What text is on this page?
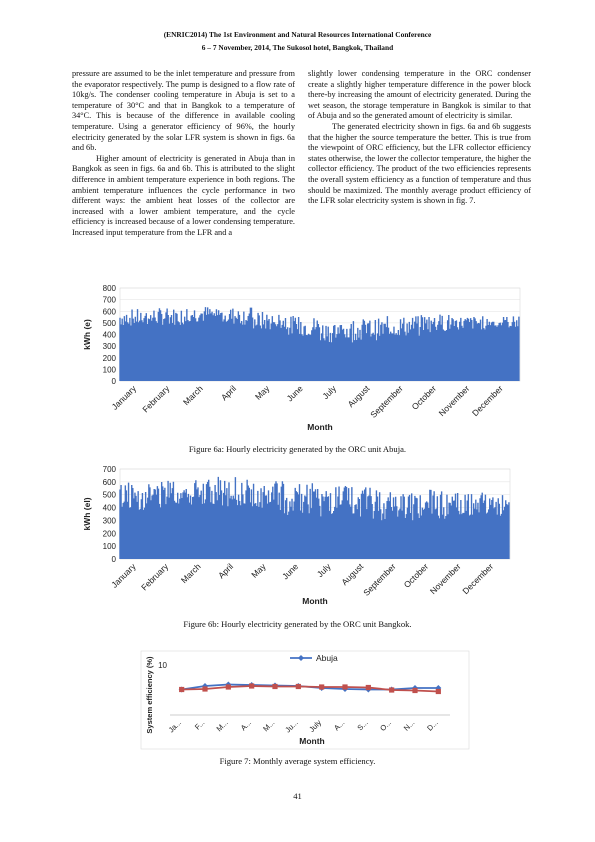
(ENRIC2014) The 1st Environment and Natural Resources International Conference
6 – 7 November, 2014, The Sukosol hotel, Bangkok, Thailand

pressure are assumed to be the inlet temperature and pressure from the evaporator respectively. The pump is designed to a flow rate of 10kg/s. The condenser cooling temperature in Abuja is set to a temperature of 30°C and that in Bangkok to a temperature of 34°C. This is because of the difference in available cooling temperature. Using a generator efficiency of 96%, the hourly electricity generated by the solar LFR system is shown in figs. 6a and 6b.

Higher amount of electricity is generated in Abuja than in Bangkok as seen in figs. 6a and 6b. This is attributed to the slight difference in ambient temperature experience in both regions. The ambient temperature influences the cycle performance in two different ways: the ambient heat losses of the collector are increased with a lower ambient temperature, and the cycle efficiency is increased because of a lower condensing temperature. Increased input temperature from the LFR and a

slightly lower condensing temperature in the ORC condenser create a slightly higher temperature difference in the power block there-by increasing the amount of electricity generated. During the wet season, the storage temperature in Bangkok is similar to that of Abuja and so the generated amount of electricity is similar.

The generated electricity shown in figs. 6a and 6b suggests that the higher the source temperature the better. This is true from the viewpoint of ORC efficiency, but the LFR collector efficiency states otherwise, the lower the collector temperature, the higher the collector efficiency. The product of the two efficiencies represents the overall system efficiency as a function of temperature and thus should be maximized. The monthly average product efficiency of the LFR solar electricity system is shown in fig. 7.

0
100
200
300
400
500
600
700
800
January February March April May June July August
September October
November
December
Month
kWh (e)
Figure 6a: Hourly electricity generated by the ORC unit Abuja.
0
100
200
300
400
500
600
700
January February March April May June July August
September October
November
December
Month
kWh (el)
Figure 6b: Hourly electricity generated by the ORC unit Bangkok.
10
Abuja
Ja... F... M... A... M... Ju... July A... S... O... N... D...
Month
System efficiency (%)
Figure 7: Monthly average system efficiency.
41
